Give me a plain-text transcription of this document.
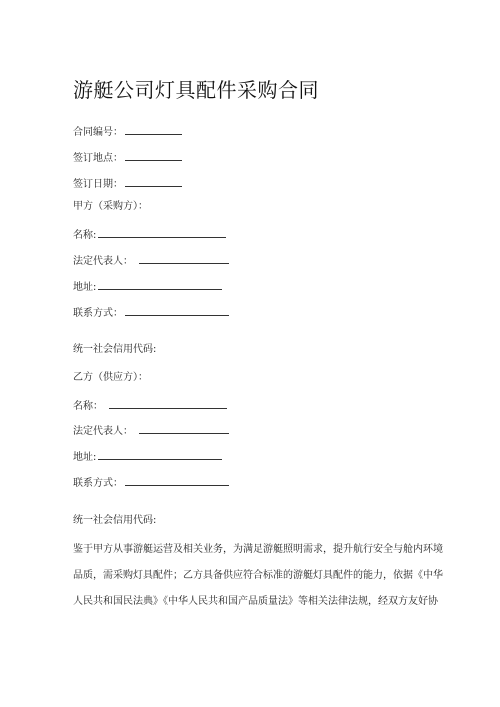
游艇公司灯具配件采购合同
合同编号：
签订地点：
签订日期：
甲方（采购方）：
名称:
法定代表人：
地址:
联系方式：
统一社会信用代码:
乙方（供应方）：
名称：
法定代表人：
地址:
联系方式：
统一社会信用代码:
鉴于甲方从事游艇运营及相关业务，为满足游艇照明需求，提升航行安全与舱内环境
品质，需采购灯具配件；乙方具备供应符合标准的游艇灯具配件的能力，依据《中华
人民共和国民法典》《中华人民共和国产品质量法》等相关法律法规，经双方友好协
